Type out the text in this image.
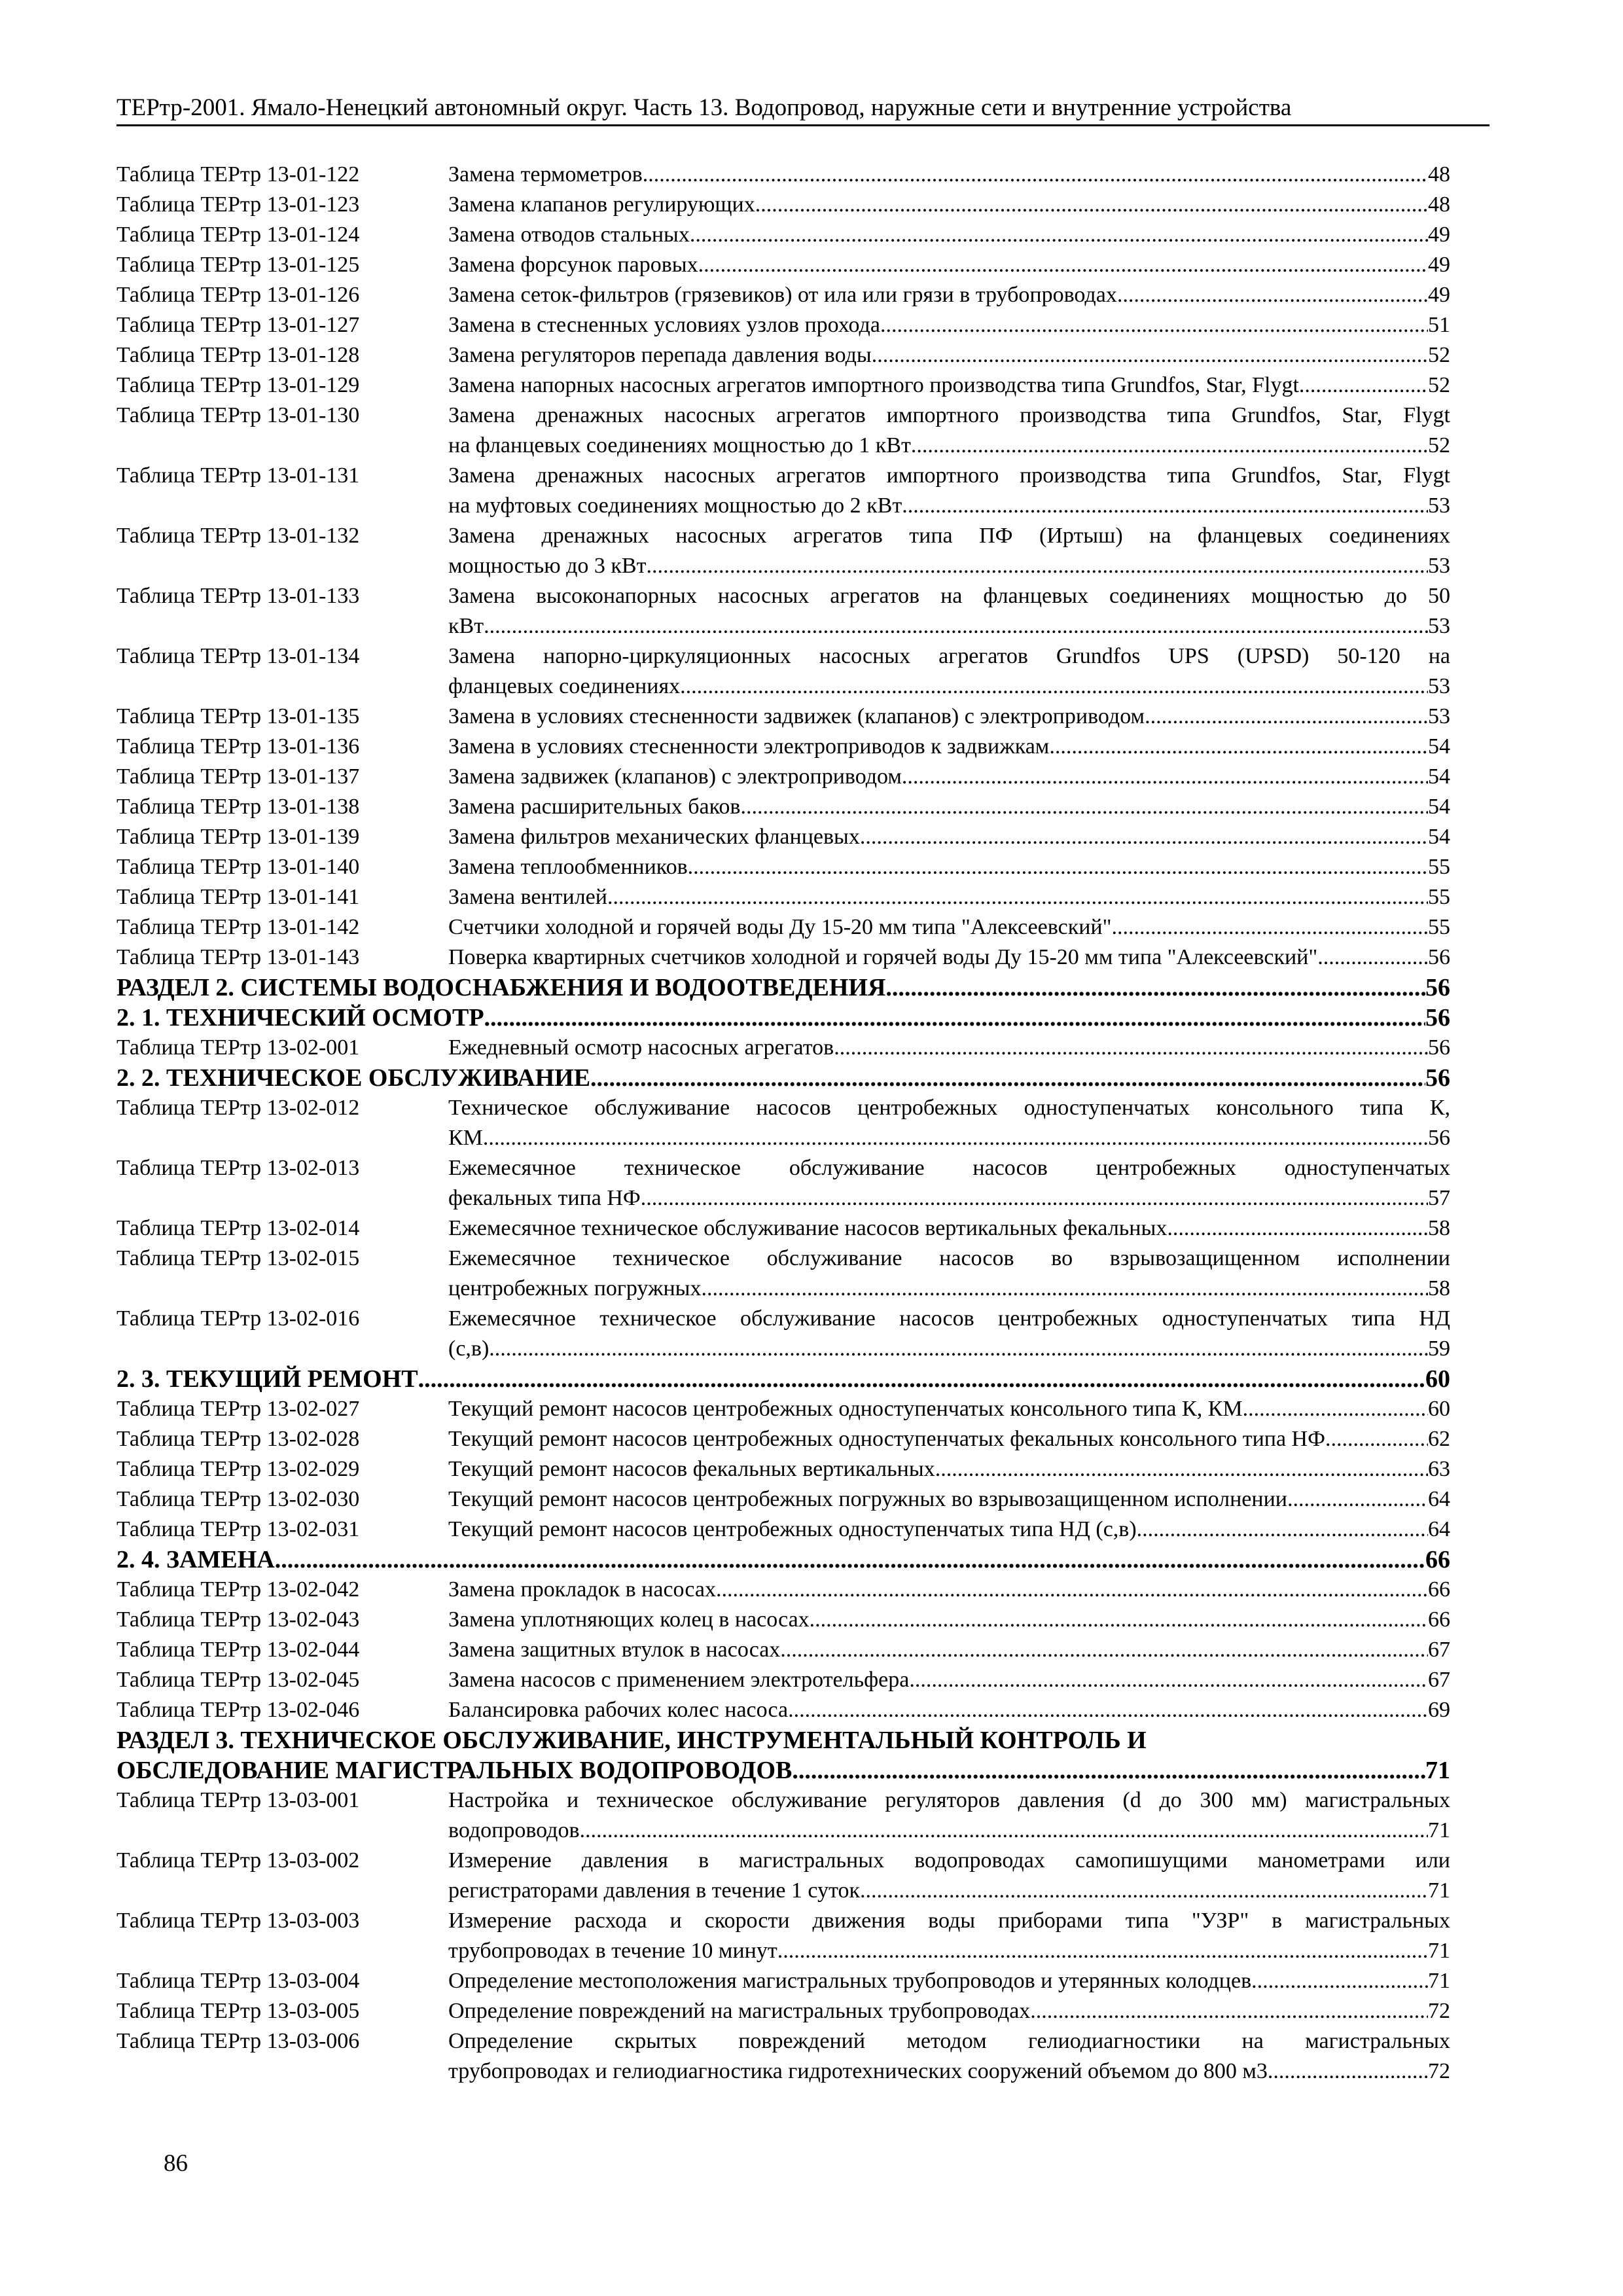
ТЕРтр-2001. Ямало-Ненецкий автономный округ. Часть 13. Водопровод, наружные сети и внутренние устройства
Таблица ТЕРтр 13-01-122	Замена термометров .....	48
Таблица ТЕРтр 13-01-123	Замена клапанов регулирующих .....	48
Таблица ТЕРтр 13-01-124	Замена отводов стальных .....	49
Таблица ТЕРтр 13-01-125	Замена форсунок паровых .....	49
Таблица ТЕРтр 13-01-126	Замена сеток-фильтров (грязевиков) от ила или грязи в трубопроводах .....	49
Таблица ТЕРтр 13-01-127	Замена в стесненных условиях узлов прохода .....	51
Таблица ТЕРтр 13-01-128	Замена регуляторов перепада давления воды .....	52
Таблица ТЕРтр 13-01-129	Замена напорных насосных агрегатов импортного производства типа Grundfos, Star, Flygt .....	52
Таблица ТЕРтр 13-01-130	Замена дренажных насосных агрегатов импортного производства типа Grundfos, Star, Flygt
на фланцевых соединениях мощностью до 1 кВт .....	52
Таблица ТЕРтр 13-01-131	Замена дренажных насосных агрегатов импортного производства типа Grundfos, Star, Flygt
на муфтовых соединениях мощностью до 2 кВт .....	53
Таблица ТЕРтр 13-01-132	Замена дренажных насосных агрегатов типа ПФ (Иртыш) на фланцевых соединениях
мощностью до 3 кВт .....	53
Таблица ТЕРтр 13-01-133	Замена высоконапорных насосных агрегатов на фланцевых соединениях мощностью до 50
кВт .....	53
Таблица ТЕРтр 13-01-134	Замена напорно-циркуляционных насосных агрегатов Grundfos UPS (UPSD) 50-120 на
фланцевых соединениях .....	53
Таблица ТЕРтр 13-01-135	Замена в условиях стесненности задвижек (клапанов) с электроприводом .....	53
Таблица ТЕРтр 13-01-136	Замена в условиях стесненности электроприводов к задвижкам .....	54
Таблица ТЕРтр 13-01-137	Замена задвижек (клапанов) с электроприводом .....	54
Таблица ТЕРтр 13-01-138	Замена расширительных баков .....	54
Таблица ТЕРтр 13-01-139	Замена фильтров механических фланцевых .....	54
Таблица ТЕРтр 13-01-140	Замена теплообменников .....	55
Таблица ТЕРтр 13-01-141	Замена вентилей .....	55
Таблица ТЕРтр 13-01-142	Счетчики холодной и горячей воды Ду 15-20 мм типа "Алексеевский" .....	55
Таблица ТЕРтр 13-01-143	Поверка квартирных счетчиков холодной и горячей воды Ду 15-20 мм типа "Алексеевский" .....	56
РАЗДЕЛ 2. СИСТЕМЫ ВОДОСНАБЖЕНИЯ И ВОДООТВЕДЕНИЯ .....	56
2. 1. ТЕХНИЧЕСКИЙ ОСМОТР .....	56
Таблица ТЕРтр 13-02-001	Ежедневный осмотр насосных агрегатов .....	56
2. 2. ТЕХНИЧЕСКОЕ ОБСЛУЖИВАНИЕ .....	56
Таблица ТЕРтр 13-02-012	Техническое обслуживание насосов центробежных одноступенчатых консольного типа К,
КМ .....	56
Таблица ТЕРтр 13-02-013	Ежемесячное техническое обслуживание насосов центробежных одноступенчатых
фекальных типа НФ .....	57
Таблица ТЕРтр 13-02-014	Ежемесячное техническое обслуживание насосов вертикальных фекальных .....	58
Таблица ТЕРтр 13-02-015	Ежемесячное техническое обслуживание насосов во взрывозащищенном исполнении
центробежных погружных .....	58
Таблица ТЕРтр 13-02-016	Ежемесячное техническое обслуживание насосов центробежных одноступенчатых типа НД
(с,в) .....	59
2. 3. ТЕКУЩИЙ РЕМОНТ .....	60
Таблица ТЕРтр 13-02-027	Текущий ремонт насосов центробежных одноступенчатых консольного типа К, КМ .....	60
Таблица ТЕРтр 13-02-028	Текущий ремонт насосов центробежных одноступенчатых фекальных консольного типа НФ .....	62
Таблица ТЕРтр 13-02-029	Текущий ремонт насосов фекальных вертикальных .....	63
Таблица ТЕРтр 13-02-030	Текущий ремонт насосов центробежных погружных во взрывозащищенном исполнении .....	64
Таблица ТЕРтр 13-02-031	Текущий ремонт насосов центробежных одноступенчатых типа НД (с,в) .....	64
2. 4. ЗАМЕНА .....	66
Таблица ТЕРтр 13-02-042	Замена прокладок в насосах .....	66
Таблица ТЕРтр 13-02-043	Замена уплотняющих колец в насосах .....	66
Таблица ТЕРтр 13-02-044	Замена защитных втулок в насосах .....	67
Таблица ТЕРтр 13-02-045	Замена насосов с применением электротельфера .....	67
Таблица ТЕРтр 13-02-046	Балансировка рабочих колес насоса .....	69
РАЗДЕЛ 3. ТЕХНИЧЕСКОЕ ОБСЛУЖИВАНИЕ, ИНСТРУМЕНТАЛЬНЫЙ КОНТРОЛЬ И
ОБСЛЕДОВАНИЕ МАГИСТРАЛЬНЫХ ВОДОПРОВОДОВ .....	71
Таблица ТЕРтр 13-03-001	Настройка и техническое обслуживание регуляторов давления (d до 300 мм) магистральных
водопроводов .....	71
Таблица ТЕРтр 13-03-002	Измерение давления в магистральных водопроводах самопишущими манометрами или
регистраторами давления в течение 1 суток .....	71
Таблица ТЕРтр 13-03-003	Измерение расхода и скорости движения воды приборами типа "УЗР" в магистральных
трубопроводах в течение 10 минут .....	71
Таблица ТЕРтр 13-03-004	Определение местоположения магистральных трубопроводов и утерянных колодцев .....	71
Таблица ТЕРтр 13-03-005	Определение повреждений на магистральных трубопроводах .....	72
Таблица ТЕРтр 13-03-006	Определение скрытых повреждений методом гелиодиагностики на магистральных
трубопроводах и гелиодиагностика гидротехнических сооружений объемом до 800 м3 .....	72
86
